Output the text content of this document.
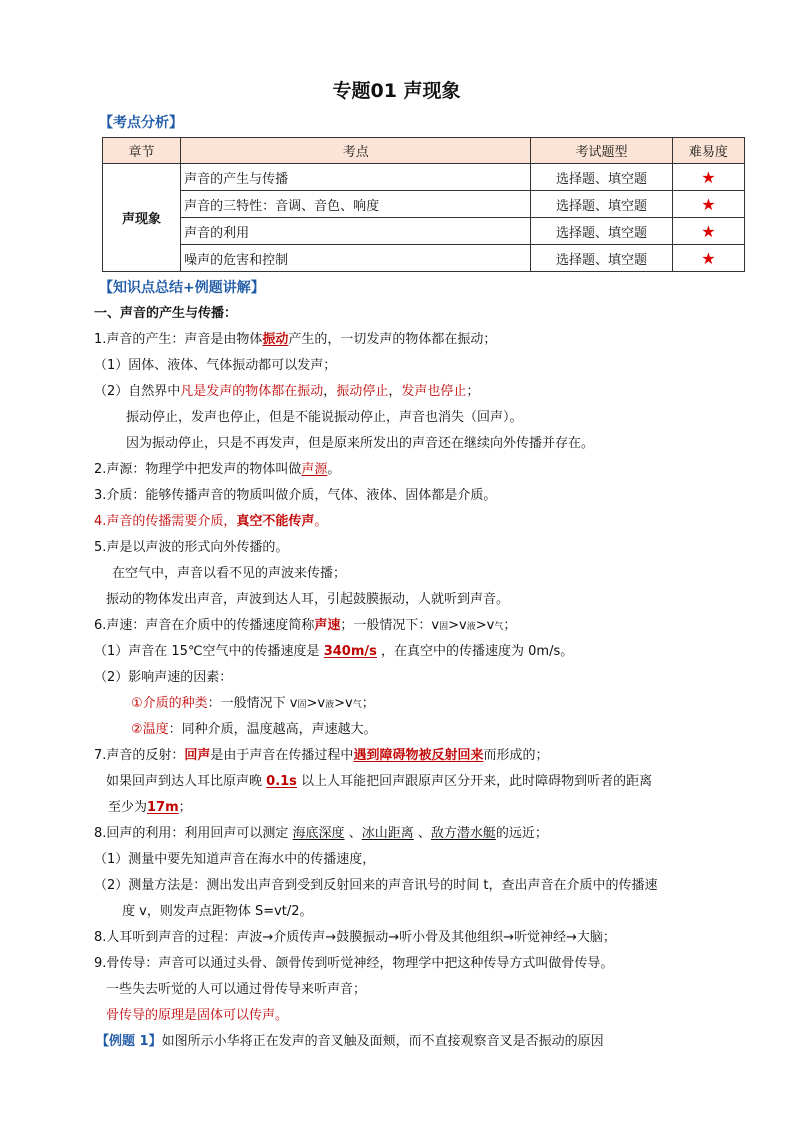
专题01 声现象
【考点分析】
章节	考点	考试题型	难易度
声现象	声音的产生与传播	选择题、填空题	★
	声音的三特性：音调、音色、响度	选择题、填空题	★
	声音的利用	选择题、填空题	★
	噪声的危害和控制	选择题、填空题	★
【知识点总结+例题讲解】
一、声音的产生与传播：
1.声音的产生：声音是由物体振动产生的，一切发声的物体都在振动；
（1）固体、液体、气体振动都可以发声；
（2）自然界中凡是发声的物体都在振动，振动停止，发声也停止；
振动停止，发声也停止，但是不能说振动停止，声音也消失（回声）。
因为振动停止，只是不再发声，但是原来所发出的声音还在继续向外传播并存在。
2.声源：物理学中把发声的物体叫做声源。
3.介质：能够传播声音的物质叫做介质，气体、液体、固体都是介质。
4.声音的传播需要介质，真空不能传声。
5.声是以声波的形式向外传播的。
在空气中，声音以看不见的声波来传播；
振动的物体发出声音，声波到达人耳，引起鼓膜振动，人就听到声音。
6.声速：声音在介质中的传播速度简称声速；一般情况下：v固>v液>v气；
（1）声音在 15℃空气中的传播速度是 340m/s ，在真空中的传播速度为 0m/s。
（2）影响声速的因素：
①介质的种类：一般情况下 v固>v液>v气；
②温度：同种介质，温度越高，声速越大。
7.声音的反射：回声是由于声音在传播过程中遇到障碍物被反射回来而形成的；
如果回声到达人耳比原声晚 0.1s 以上人耳能把回声跟原声区分开来，此时障碍物到听者的距离
至少为17m；
8.回声的利用：利用回声可以测定 海底深度 、冰山距离 、敌方潜水艇的远近；
（1）测量中要先知道声音在海水中的传播速度，
（2）测量方法是：测出发出声音到受到反射回来的声音讯号的时间 t，查出声音在介质中的传播速
度 v，则发声点距物体 S=vt/2。
8.人耳听到声音的过程：声波→介质传声→鼓膜振动→听小骨及其他组织→听觉神经→大脑；
9.骨传导：声音可以通过头骨、颌骨传到听觉神经，物理学中把这种传导方式叫做骨传导。
一些失去听觉的人可以通过骨传导来听声音；
骨传导的原理是固体可以传声。
【例题 1】如图所示小华将正在发声的音叉触及面颊，而不直接观察音叉是否振动的原因
